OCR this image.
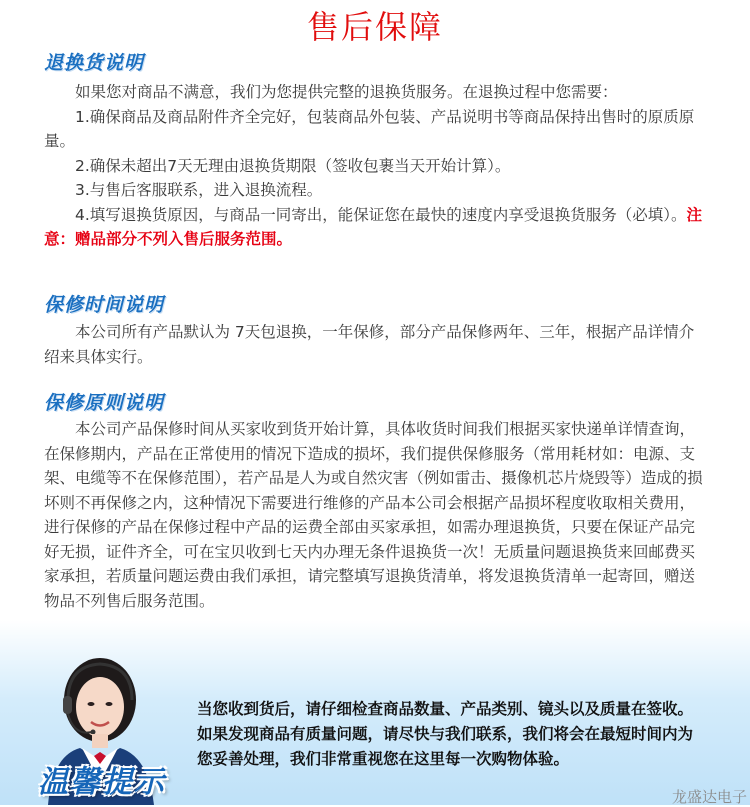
售后保障
退换货说明
　　如果您对商品不满意，我们为您提供完整的退换货服务。在退换过程中您需要：
　　1.确保商品及商品附件齐全完好，包装商品外包装、产品说明书等商品保持出售时的原质原量。
　　2.确保未超出7天无理由退换货期限（签收包裹当天开始计算）。
　　3.与售后客服联系，进入退换流程。
　　4.填写退换货原因，与商品一同寄出，能保证您在最快的速度内享受退换货服务（必填）。注意：赠品部分不列入售后服务范围。
保修时间说明
　　本公司所有产品默认为 7天包退换，一年保修，部分产品保修两年、三年，根据产品详情介绍来具体实行。
保修原则说明
　　本公司产品保修时间从买家收到货开始计算，具体收货时间我们根据买家快递单详情查询，在保修期内，产品在正常使用的情况下造成的损坏，我们提供保修服务（常用耗材如：电源、支架、电缆等不在保修范围），若产品是人为或自然灾害（例如雷击、摄像机芯片烧毁等）造成的损坏则不再保修之内，这种情况下需要进行维修的产品本公司会根据产品损坏程度收取相关费用，进行保修的产品在保修过程中产品的运费全部由买家承担，如需办理退换货，只要在保证产品完好无损，证件齐全，可在宝贝收到七天内办理无条件退换货一次！无质量问题退换货来回邮费买家承担，若质量问题运费由我们承担，请完整填写退换货清单，将发退换货清单一起寄回，赠送物品不列售后服务范围。
温馨提示

当您收到货后，请仔细检查商品数量、产品类别、镜头以及质量在签收。如果发现商品有质量问题，请尽快与我们联系，我们将会在最短时间内为您妥善处理，我们非常重视您在这里每一次购物体验。

龙盛达电子
